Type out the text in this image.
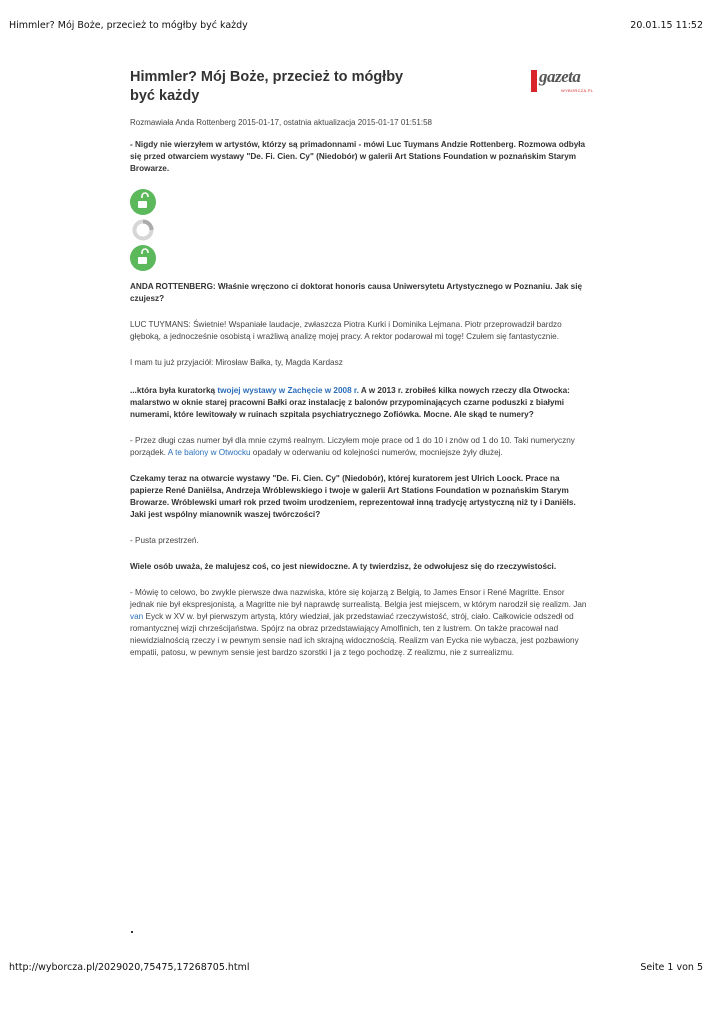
Himmler? Mój Boże, przecież to mógłby być każdy	20.01.15 11:52
Himmler? Mój Boże, przecież to mógłby być każdy
gazeta
WYBORCZA.PL
Rozmawiała Anda Rottenberg 2015-01-17, ostatnia aktualizacja 2015-01-17 01:51:58

- Nigdy nie wierzyłem w artystów, którzy są primadonnami - mówi Luc Tuymans Andzie Rottenberg. Rozmowa odbyła się przed otwarciem wystawy "De. Fi. Cien. Cy" (Niedobór) w galerii Art Stations Foundation w poznańskim Starym Browarze.

ANDA ROTTENBERG: Właśnie wręczono ci doktorat honoris causa Uniwersytetu Artystycznego w Poznaniu. Jak się czujesz?

LUC TUYMANS: Świetnie! Wspaniałe laudacje, zwłaszcza Piotra Kurki i Dominika Lejmana. Piotr przeprowadził bardzo głęboką, a jednocześnie osobistą i wrażliwą analizę mojej pracy. A rektor podarował mi togę! Czułem się fantastycznie.

I mam tu już przyjaciół: Mirosław Bałka, ty, Magda Kardasz

...która była kuratorką twojej wystawy w Zachęcie w 2008 r. A w 2013 r. zrobiłeś kilka nowych rzeczy dla Otwocka: malarstwo w oknie starej pracowni Bałki oraz instalację z balonów przypominających czarne poduszki z białymi numerami, które lewitowały w ruinach szpitala psychiatrycznego Zofiówka. Mocne. Ale skąd te numery?

- Przez długi czas numer był dla mnie czymś realnym. Liczyłem moje prace od 1 do 10 i znów od 1 do 10. Taki numeryczny porządek. A te balony w Otwocku opadały w oderwaniu od kolejności numerów, mocniejsze żyły dłużej.

Czekamy teraz na otwarcie wystawy "De. Fi. Cien. Cy" (Niedobór), której kuratorem jest Ulrich Loock. Prace na papierze René Daniëlsa, Andrzeja Wróblewskiego i twoje w galerii Art Stations Foundation w poznańskim Starym Browarze. Wróblewski umarł rok przed twoim urodzeniem, reprezentował inną tradycję artystyczną niż ty i Daniëls. Jaki jest wspólny mianownik waszej twórczości?

- Pusta przestrzeń.

Wiele osób uważa, że malujesz coś, co jest niewidoczne. A ty twierdzisz, że odwołujesz się do rzeczywistości.

- Mówię to celowo, bo zwykle pierwsze dwa nazwiska, które się kojarzą z Belgią, to James Ensor i René Magritte. Ensor jednak nie był ekspresjonistą, a Magritte nie był naprawdę surrealistą. Belgia jest miejscem, w którym narodził się realizm. Jan van Eyck w XV w. był pierwszym artystą, który wiedział, jak przedstawiać rzeczywistość, strój, ciało. Całkowicie odszedł od romantycznej wizji chrześcijaństwa. Spójrz na obraz przedstawiający Amolfinich, ten z lustrem. On także pracował nad niewidzialnością rzeczy i w pewnym sensie nad ich skrajną widocznością. Realizm van Eycka nie wybacza, jest pozbawiony empatii, patosu, w pewnym sensie jest bardzo szorstki I ja z tego pochodzę. Z realizmu, nie z surrealizmu.

http://wyborcza.pl/2029020,75475,17268705.html	Seite 1 von 5
